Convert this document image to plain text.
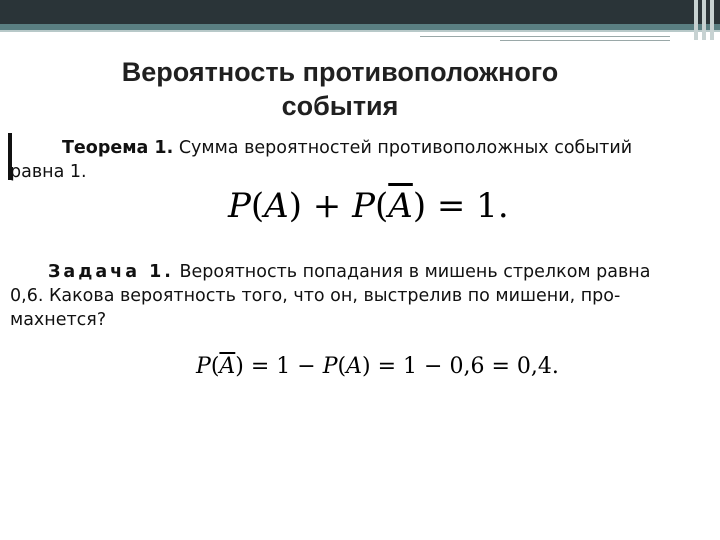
Вероятность противоположного события
Теорема 1. Сумма вероятностей противоположных событий
равна 1.
$P(A) + P(\overline{A}) = 1$.
Задача 1. Вероятность попадания в мишень стрелком равна
0,6. Какова вероятность того, что он, выстрелив по мишени, про-
махнется?
$P(\overline{A}) = 1 - P(A) = 1 - 0,6 = 0,4$.
